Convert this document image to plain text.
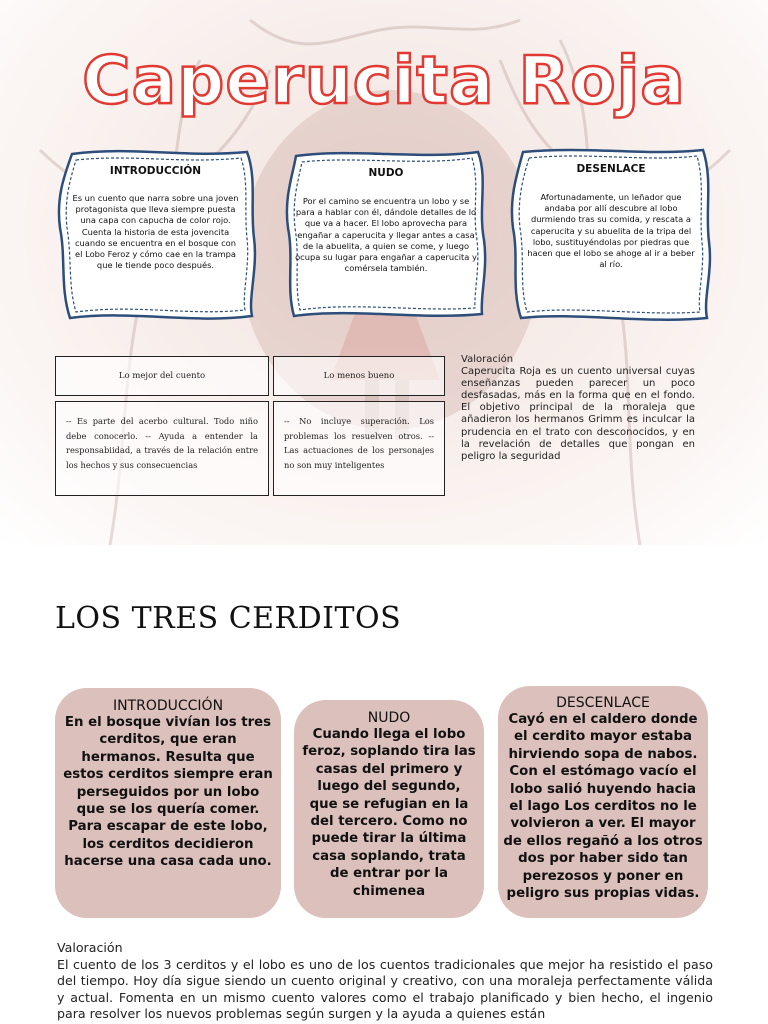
Caperucita Roja
INTRODUCCIÓN
Es un cuento que narra sobre una joven protagonista que lleva siempre puesta una capa con capucha de color rojo. Cuenta la historia de esta jovencita cuando se encuentra en el bosque con el Lobo Feroz y cómo cae en la trampa que le tiende poco después.
NUDO
Por el camino se encuentra un lobo y se para a hablar con él, dándole detalles de lo que va a hacer. El lobo aprovecha para engañar a caperucita y llegar antes a casa de la abuelita, a quien se come, y luego ocupa su lugar para engañar a caperucita y comérsela también.
DESENLACE
Afortunadamente, un leñador que andaba por allí descubre al lobo durmiendo tras su comida, y rescata a caperucita y su abuelita de la tripa del lobo, sustituyéndolas por piedras que hacen que el lobo se ahoge al ir a beber al río.
Lo mejor del cuento	Lo menos bueno
-- Es parte del acerbo cultural. Todo niño debe conocerlo. -- Ayuda a entender la responsabiidad, a través de la relación entre los hechos y sus consecuencias
-- No incluye superación. Los problemas los resuelven otros. -- Las actuaciones de los personajes no son muy inteligentes
Valoración
Caperucita Roja es un cuento universal cuyas enseñanzas pueden parecer un poco desfasadas, más en la forma que en el fondo. El objetivo principal de la moraleja que añadieron los hermanos Grimm es inculcar la prudencia en el trato con desconocidos, y en la revelación de detalles que pongan en peligro la seguridad
LOS TRES CERDITOS
INTRODUCCIÓN
En el bosque vivían los tres cerditos, que eran hermanos. Resulta que estos cerditos siempre eran perseguidos por un lobo que se los quería comer. Para escapar de este lobo, los cerditos decidieron hacerse una casa cada uno.
NUDO
Cuando llega el lobo feroz, soplando tira las casas del primero y luego del segundo, que se refugian en la del tercero. Como no puede tirar la última casa soplando, trata de entrar por la chimenea
DESCENLACE
Cayó en el caldero donde el cerdito mayor estaba hirviendo sopa de nabos. Con el estómago vacío el lobo salió huyendo hacia el lago Los cerditos no le volvieron a ver. El mayor de ellos regañó a los otros dos por haber sido tan perezosos y poner en peligro sus propias vidas.
Valoración
El cuento de los 3 cerditos y el lobo es uno de los cuentos tradicionales que mejor ha resistido el paso del tiempo. Hoy día sigue siendo un cuento original y creativo, con una moraleja perfectamente válida y actual. Fomenta en un mismo cuento valores como el trabajo planificado y bien hecho, el ingenio para resolver los nuevos problemas según surgen y la ayuda a quienes están
